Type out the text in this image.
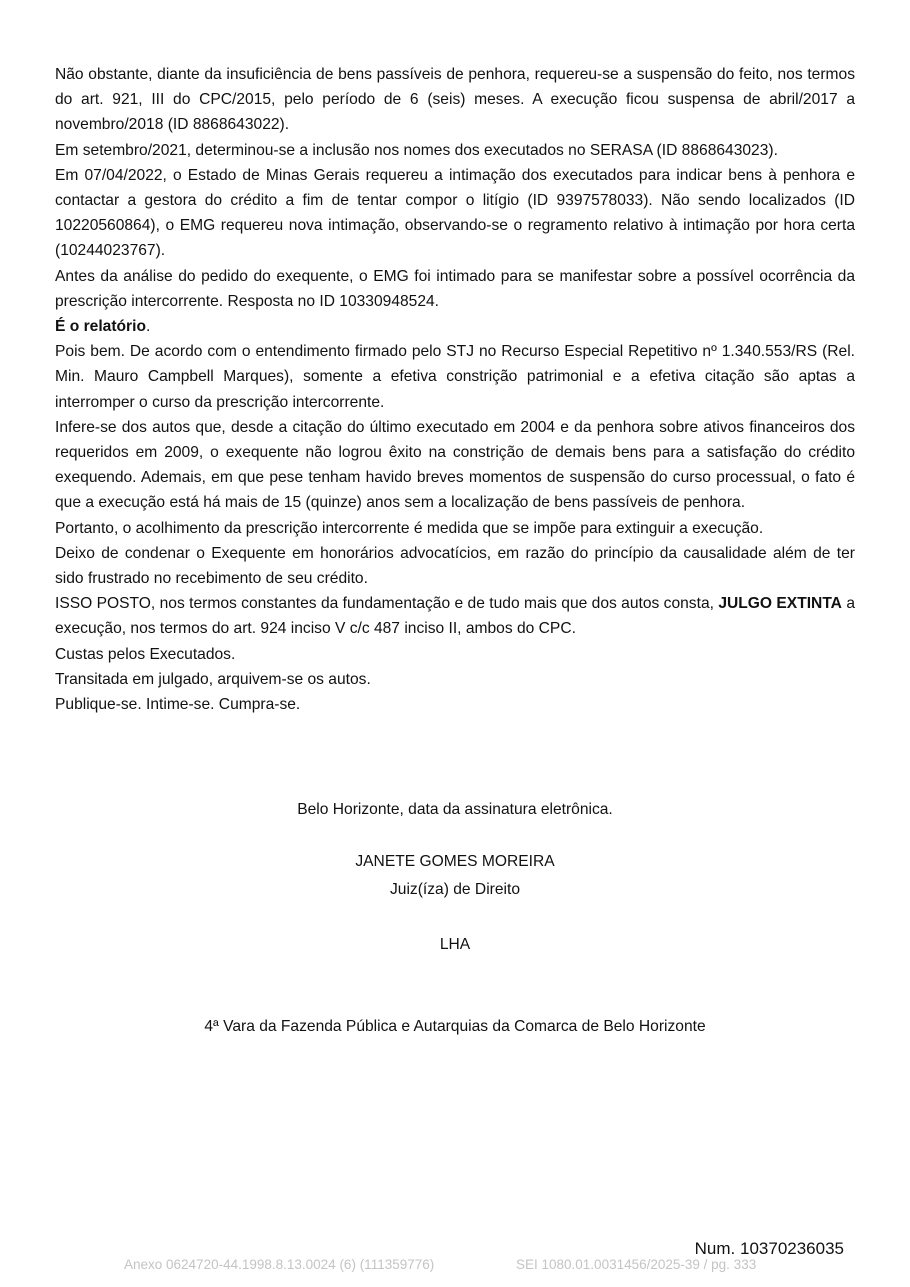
Não obstante, diante da insuficiência de bens passíveis de penhora, requereu-se a suspensão do feito, nos termos do art. 921, III do CPC/2015, pelo período de 6 (seis) meses. A execução ficou suspensa de abril/2017 a novembro/2018 (ID 8868643022).

Em setembro/2021, determinou-se a inclusão nos nomes dos executados no SERASA (ID 8868643023).

Em 07/04/2022, o Estado de Minas Gerais requereu a intimação dos executados para indicar bens à penhora e contactar a gestora do crédito a fim de tentar compor o litígio (ID 9397578033). Não sendo localizados (ID 10220560864), o EMG requereu nova intimação, observando-se o regramento relativo à intimação por hora certa (10244023767).

Antes da análise do pedido do exequente, o EMG foi intimado para se manifestar sobre a possível ocorrência da prescrição intercorrente. Resposta no ID 10330948524.

É o relatório.

Pois bem. De acordo com o entendimento firmado pelo STJ no Recurso Especial Repetitivo nº 1.340.553/RS (Rel. Min. Mauro Campbell Marques), somente a efetiva constrição patrimonial e a efetiva citação são aptas a interromper o curso da prescrição intercorrente.

Infere-se dos autos que, desde a citação do último executado em 2004 e da penhora sobre ativos financeiros dos requeridos em 2009, o exequente não logrou êxito na constrição de demais bens para a satisfação do crédito exequendo. Ademais, em que pese tenham havido breves momentos de suspensão do curso processual, o fato é que a execução está há mais de 15 (quinze) anos sem a localização de bens passíveis de penhora.

Portanto, o acolhimento da prescrição intercorrente é medida que se impõe para extinguir a execução.

Deixo de condenar o Exequente em honorários advocatícios, em razão do princípio da causalidade além de ter sido frustrado no recebimento de seu crédito.

ISSO POSTO, nos termos constantes da fundamentação e de tudo mais que dos autos consta, JULGO EXTINTA a execução, nos termos do art. 924 inciso V c/c 487 inciso II, ambos do CPC.

Custas pelos Executados.

Transitada em julgado, arquivem-se os autos.

Publique-se. Intime-se. Cumpra-se.

Belo Horizonte, data da assinatura eletrônica.
JANETE GOMES MOREIRA
Juiz(íza) de Direito
LHA
4ª Vara da Fazenda Pública e Autarquias da Comarca de Belo Horizonte
Num. 10370236035
Anexo 0624720-44.1998.8.13.0024 (6) (111359776)	SEI 1080.01.0031456/2025-39 / pg. 333
